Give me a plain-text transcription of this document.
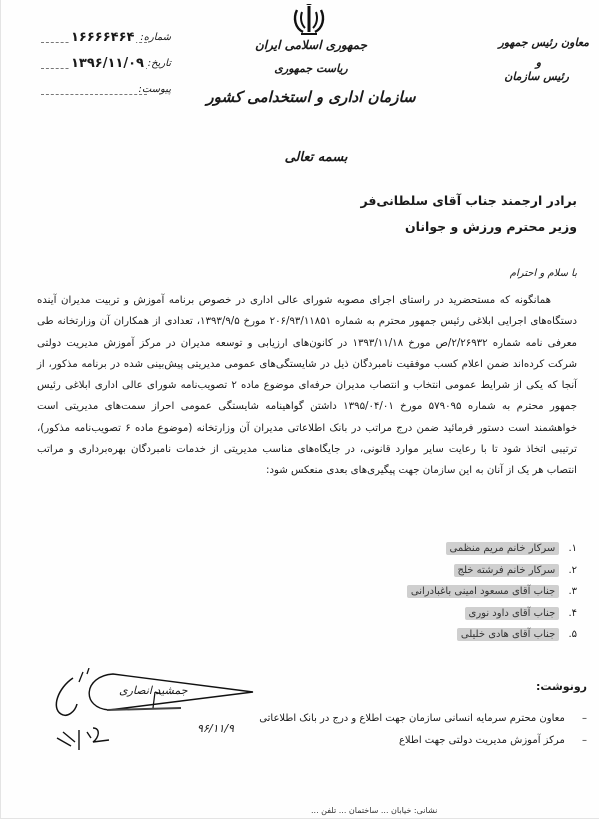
۱۶۶۶۶۴۶۴ شماره:
۱۳۹۶/۱۱/۰۹ تاریخ:
پیوست:
جمهوری اسلامی ایران
ریاست جمهوری
سازمان اداری و استخدامی کشور
بسمه تعالی
معاون رئیس جمهور
و
رئیس سازمان
برادر ارجمند جناب آقای سلطانی‌فر
وزیر محترم ورزش و جوانان
با سلام و احترام

همانگونه که مستحضرید در راستای اجرای مصوبه شورای عالی اداری در خصوص برنامه آموزش و تربیت مدیران آینده دستگاه‌های اجرایی ابلاغی رئیس جمهور محترم به شماره ۲۰۶/۹۳/۱۱۸۵۱ مورخ ۱۳۹۳/۹/۵، تعدادی از همکاران آن وزارتخانه طی معرفی نامه شماره ۲/۲۶۹۳۲/ص مورخ ۱۳۹۳/۱۱/۱۸ در کانون‌های ارزیابی و توسعه مدیران در مرکز آموزش مدیریت دولتی شرکت کرده‌اند ضمن اعلام کسب موفقیت نامبردگان ذیل در شایستگی‌های عمومی مدیریتی پیش‌بینی شده در برنامه مذکور، از آنجا که یکی از شرایط عمومی انتخاب و انتصاب مدیران حرفه‌ای موضوع ماده ۲ تصویب‌نامه شورای عالی اداری ابلاغی رئیس جمهور محترم به شماره ۵۷۹۰۹۵ مورخ ۱۳۹۵/۰۴/۰۱ داشتن گواهینامه شایستگی عمومی احراز سمت‌های مدیریتی است خواهشمند است دستور فرمائید ضمن درج مراتب در بانک اطلاعاتی مدیران آن وزارتخانه (موضوع ماده ۶ تصویب‌نامه مذکور)، ترتیبی اتخاذ شود تا با رعایت سایر موارد قانونی، در جایگاه‌های مناسب مدیریتی از خدمات نامبردگان بهره‌برداری و مراتب انتصاب هر یک از آنان به این سازمان جهت پیگیری‌های بعدی منعکس شود:

۱. سرکار خانم مریم منظمی
۲. سرکار خانم فرشته خلج
۳. جناب آقای مسعود امینی باغبادرانی
۴. جناب آقای داود نوری
۵. جناب آقای هادی خلیلی
جمشید انصاری
۹۶/۱۱/۹
رونوشت:
– معاون محترم سرمایه انسانی سازمان جهت اطلاع و درج در بانک اطلاعاتی
– مرکز آموزش مدیریت دولتی جهت اطلاع
نشانی: خیابان ... ساختمان ... تلفن ...
